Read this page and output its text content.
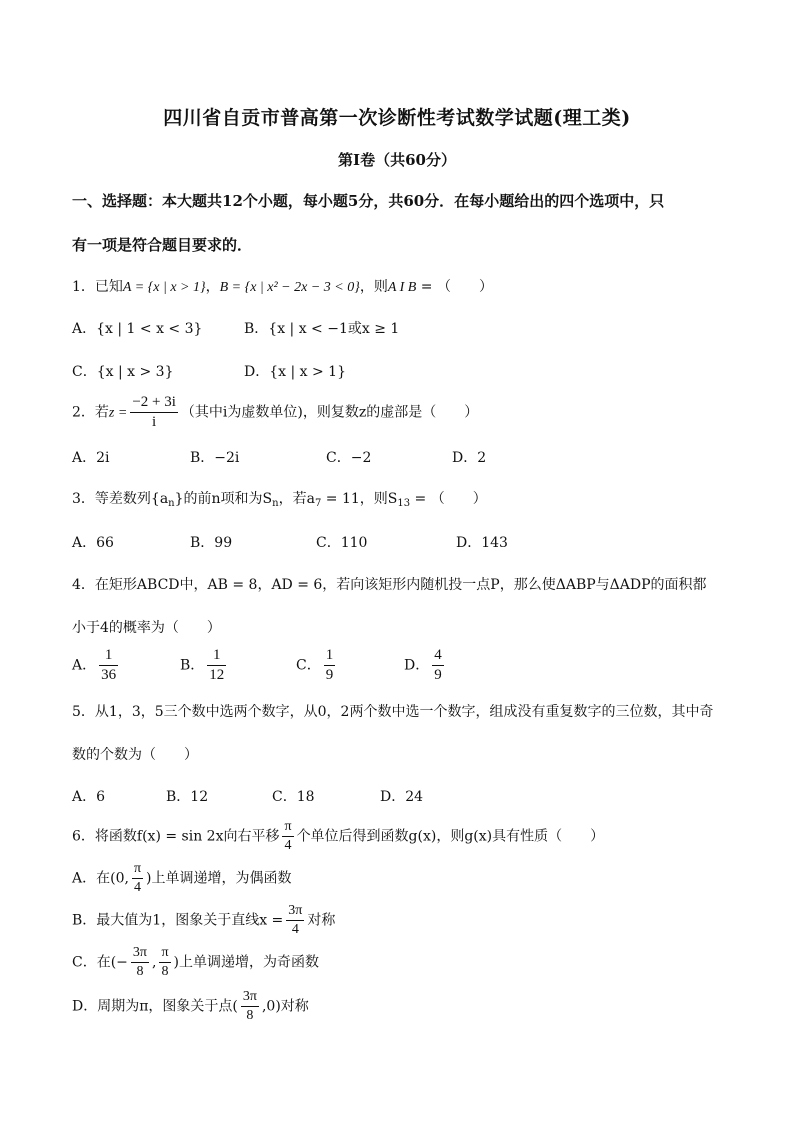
四川省自贡市普高第一次诊断性考试数学试题(理工类)
第Ⅰ卷（共60分）
一、选择题：本大题共12个小题，每小题5分，共60分．在每小题给出的四个选项中，只
有一项是符合题目要求的．
1．已知A = {x | x > 1}，B = {x | x² − 2x − 3 < 0}，则A I B = （　　）
A．{x | 1 < x < 3}	B．{x | x < −1或x ≥ 1
C．{x | x > 3}	D．{x | x > 1}
2．若$z = \frac{-2 + 3i}{i}$ （其中i为虚数单位)，则复数z的虚部是（　　）
A．2i	B．−2i	C．−2	D．2
3．等差数列$\{a_n\}$的前n项和为$S_n$，若$a_7 = 11$，则$S_{13}$ = （　　）
A．66	B．99	C．110	D．143
4．在矩形ABCD中，AB = 8，AD = 6，若向该矩形内随机投一点P，那么使ΔABP与ΔADP的面积都
小于4的概率为（　　）
A． $\frac{1}{36}$	B． $\frac{1}{12}$	C． $\frac{1}{9}$	D． $\frac{4}{9}$
5．从1，3，5三个数中选两个数字，从0，2两个数中选一个数字，组成没有重复数字的三位数，其中奇
数的个数为（　　）
A．6	B．12	C．18	D．24
6．将函数f(x) = sin 2x向右平移 $\frac{\pi}{4}$ 个单位后得到函数g(x)，则g(x)具有性质（　　）
A．在(0, $\frac{\pi}{4}$ )上单调递增，为偶函数
B．最大值为1，图象关于直线$x = \frac{3\pi}{4}$ 对称
C．在(− $\frac{3\pi}{8}$ , $\frac{\pi}{8}$ )上单调递增，为奇函数
D．周期为π，图象关于点( $\frac{3\pi}{8} ,0$)对称
